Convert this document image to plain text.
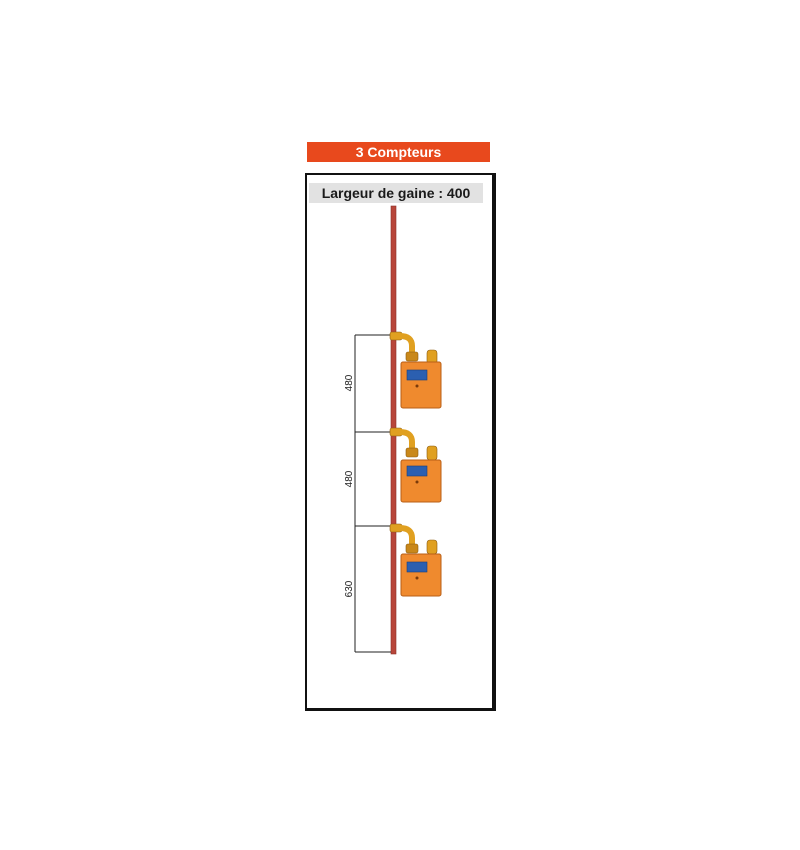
3 Compteurs
Largeur de gaine : 400
480
480
630
